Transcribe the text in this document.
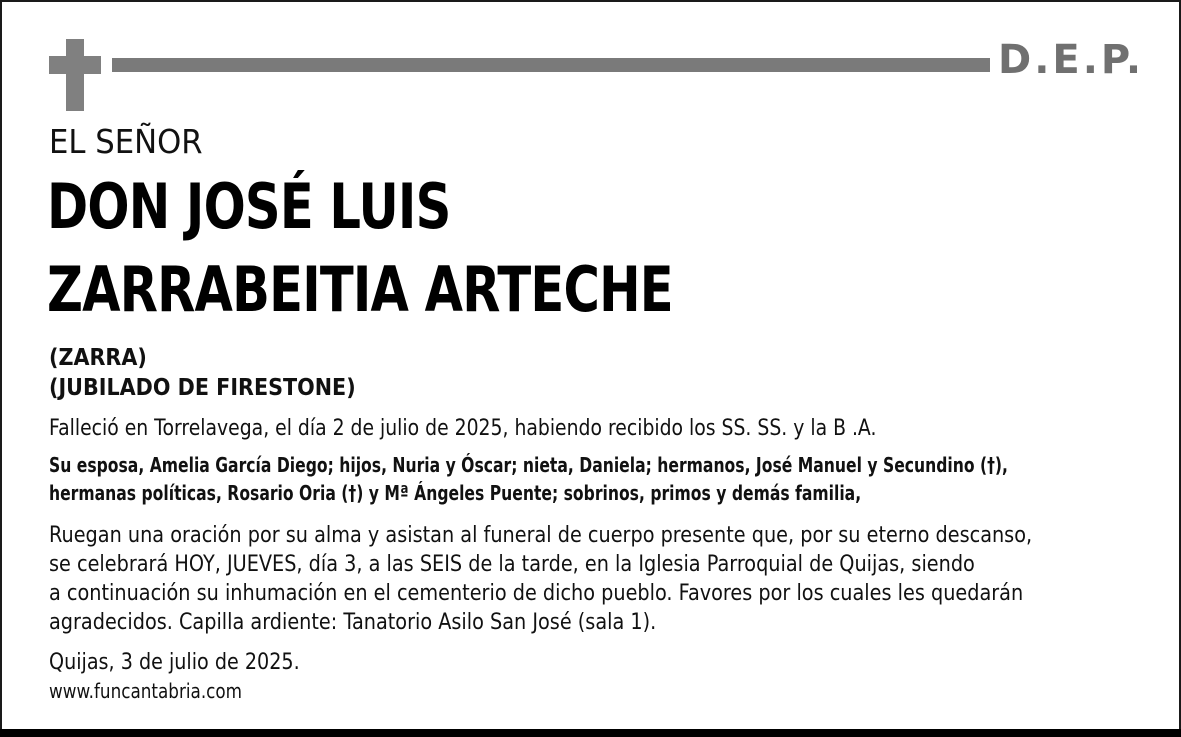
D.E.P.
EL SEÑOR
DON JOSÉ LUIS
ZARRABEITIA ARTECHE
(ZARRA)
(JUBILADO DE FIRESTONE)
Falleció en Torrelavega, el día 2 de julio de 2025, habiendo recibido los SS. SS. y la B .A.
Su esposa, Amelia García Diego; hijos, Nuria y Óscar; nieta, Daniela; hermanos, José Manuel y Secundino (†),
hermanas políticas, Rosario Oria (†) y Mª Ángeles Puente; sobrinos, primos y demás familia,
Ruegan una oración por su alma y asistan al funeral de cuerpo presente que, por su eterno descanso,
se celebrará HOY, JUEVES, día 3, a las SEIS de la tarde, en la Iglesia Parroquial de Quijas, siendo
a continuación su inhumación en el cementerio de dicho pueblo. Favores por los cuales les quedarán
agradecidos. Capilla ardiente: Tanatorio Asilo San José (sala 1).
Quijas, 3 de julio de 2025.
www.funcantabria.com
